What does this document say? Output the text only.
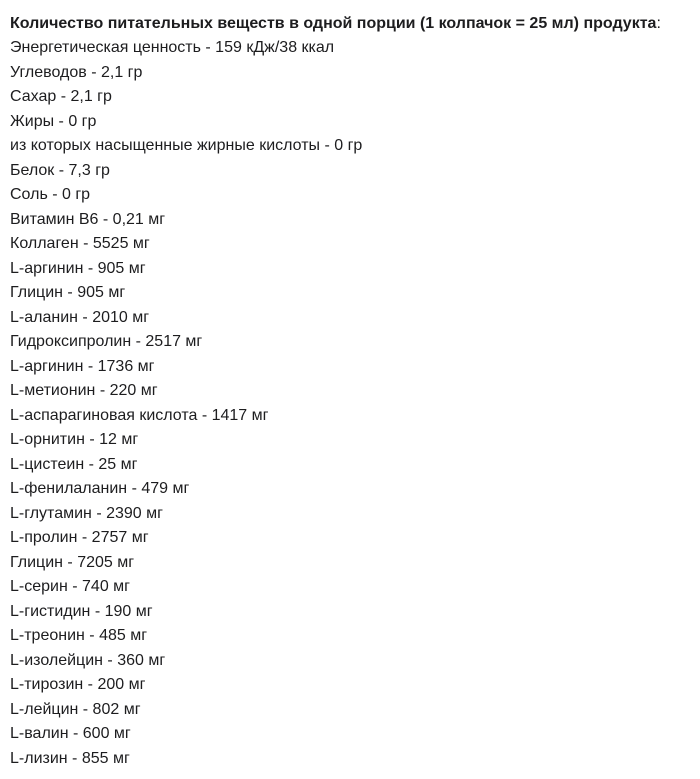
Количество питательных веществ в одной порции (1 колпачок = 25 мл) продукта:
Энергетическая ценность - 159 кДж/38 ккал
Углеводов - 2,1 гр
Сахар - 2,1 гр
Жиры - 0 гр
из которых насыщенные жирные кислоты - 0 гр
Белок - 7,3 гр
Соль - 0 гр
Витамин В6 - 0,21 мг
Коллаген - 5525 мг
L-аргинин - 905 мг
Глицин - 905 мг
L-аланин - 2010 мг
Гидроксипролин - 2517 мг
L-аргинин - 1736 мг
L-метионин - 220 мг
L-аспарагиновая кислота - 1417 мг
L-орнитин - 12 мг
L-цистеин - 25 мг
L-фенилаланин - 479 мг
L-глутамин - 2390 мг
L-пролин - 2757 мг
Глицин - 7205 мг
L-серин - 740 мг
L-гистидин - 190 мг
L-треонин - 485 мг
L-изолейцин - 360 мг
L-тирозин - 200 мг
L-лейцин - 802 мг
L-валин - 600 мг
L-лизин - 855 мг
